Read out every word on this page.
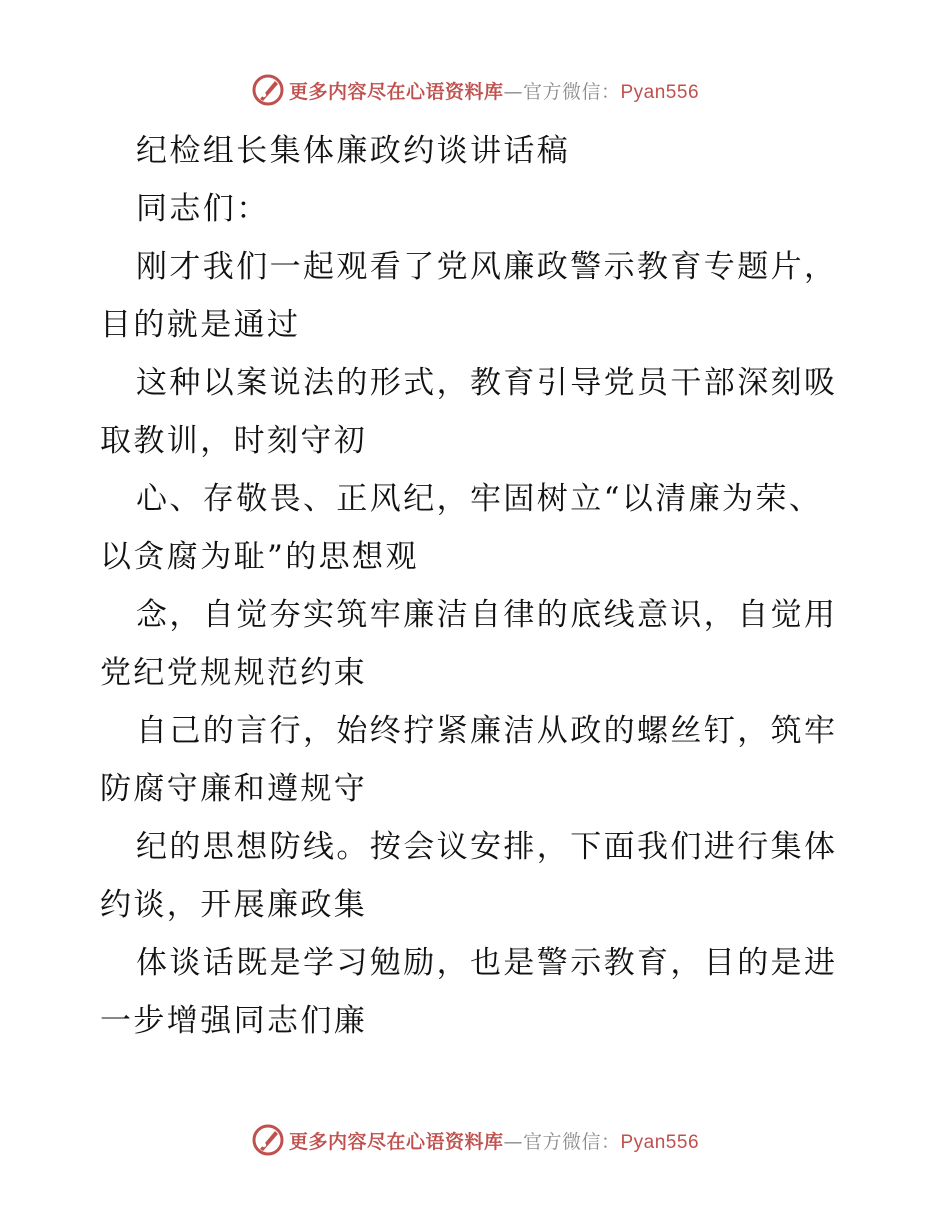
更多内容尽在心语资料库—官方微信：Pyan556
纪检组长集体廉政约谈讲话稿
同志们：
刚才我们一起观看了党风廉政警示教育专题片，
目的就是通过
这种以案说法的形式，教育引导党员干部深刻吸
取教训，时刻守初
心、存敬畏、正风纪，牢固树立“以清廉为荣、
以贪腐为耻”的思想观
念，自觉夯实筑牢廉洁自律的底线意识，自觉用
党纪党规规范约束
自己的言行，始终拧紧廉洁从政的螺丝钉，筑牢
防腐守廉和遵规守
纪的思想防线。按会议安排，下面我们进行集体
约谈，开展廉政集
体谈话既是学习勉励，也是警示教育，目的是进
一步增强同志们廉
更多内容尽在心语资料库—官方微信：Pyan556
